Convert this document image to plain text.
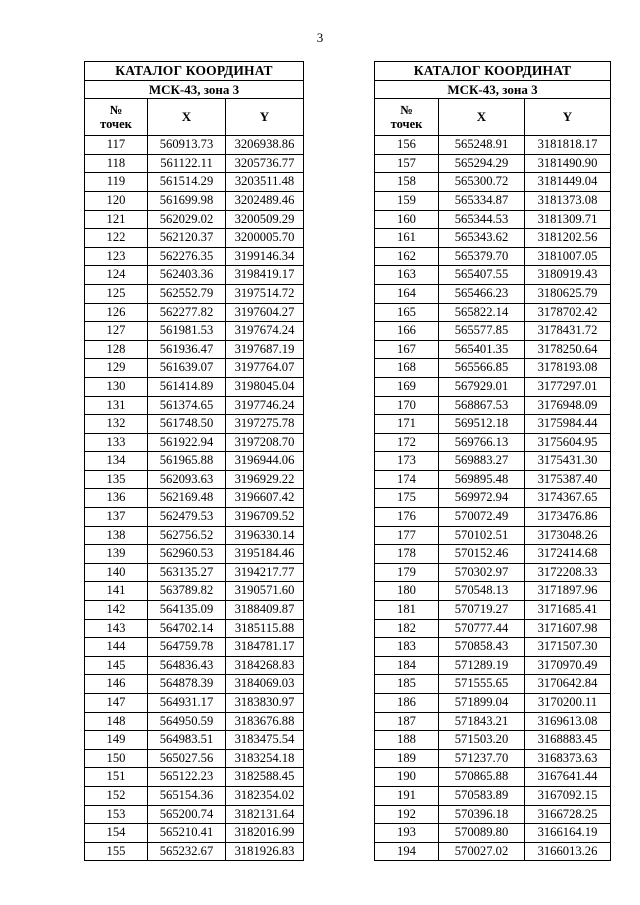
3
КАТАЛОГ КООРДИНАТ		
МСК-43, зона 3		
№
точек	X	Y
117	560913.73	3206938.86
118	561122.11	3205736.77
119	561514.29	3203511.48
120	561699.98	3202489.46
121	562029.02	3200509.29
122	562120.37	3200005.70
123	562276.35	3199146.34
124	562403.36	3198419.17
125	562552.79	3197514.72
126	562277.82	3197604.27
127	561981.53	3197674.24
128	561936.47	3197687.19
129	561639.07	3197764.07
130	561414.89	3198045.04
131	561374.65	3197746.24
132	561748.50	3197275.78
133	561922.94	3197208.70
134	561965.88	3196944.06
135	562093.63	3196929.22
136	562169.48	3196607.42
137	562479.53	3196709.52
138	562756.52	3196330.14
139	562960.53	3195184.46
140	563135.27	3194217.77
141	563789.82	3190571.60
142	564135.09	3188409.87
143	564702.14	3185115.88
144	564759.78	3184781.17
145	564836.43	3184268.83
146	564878.39	3184069.03
147	564931.17	3183830.97
148	564950.59	3183676.88
149	564983.51	3183475.54
150	565027.56	3183254.18
151	565122.23	3182588.45
152	565154.36	3182354.02
153	565200.74	3182131.64
154	565210.41	3182016.99
155	565232.67	3181926.83
КАТАЛОГ КООРДИНАТ		
МСК-43, зона 3		
№
точек	X	Y
156	565248.91	3181818.17
157	565294.29	3181490.90
158	565300.72	3181449.04
159	565334.87	3181373.08
160	565344.53	3181309.71
161	565343.62	3181202.56
162	565379.70	3181007.05
163	565407.55	3180919.43
164	565466.23	3180625.79
165	565822.14	3178702.42
166	565577.85	3178431.72
167	565401.35	3178250.64
168	565566.85	3178193.08
169	567929.01	3177297.01
170	568867.53	3176948.09
171	569512.18	3175984.44
172	569766.13	3175604.95
173	569883.27	3175431.30
174	569895.48	3175387.40
175	569972.94	3174367.65
176	570072.49	3173476.86
177	570102.51	3173048.26
178	570152.46	3172414.68
179	570302.97	3172208.33
180	570548.13	3171897.96
181	570719.27	3171685.41
182	570777.44	3171607.98
183	570858.43	3171507.30
184	571289.19	3170970.49
185	571555.65	3170642.84
186	571899.04	3170200.11
187	571843.21	3169613.08
188	571503.20	3168883.45
189	571237.70	3168373.63
190	570865.88	3167641.44
191	570583.89	3167092.15
192	570396.18	3166728.25
193	570089.80	3166164.19
194	570027.02	3166013.26
